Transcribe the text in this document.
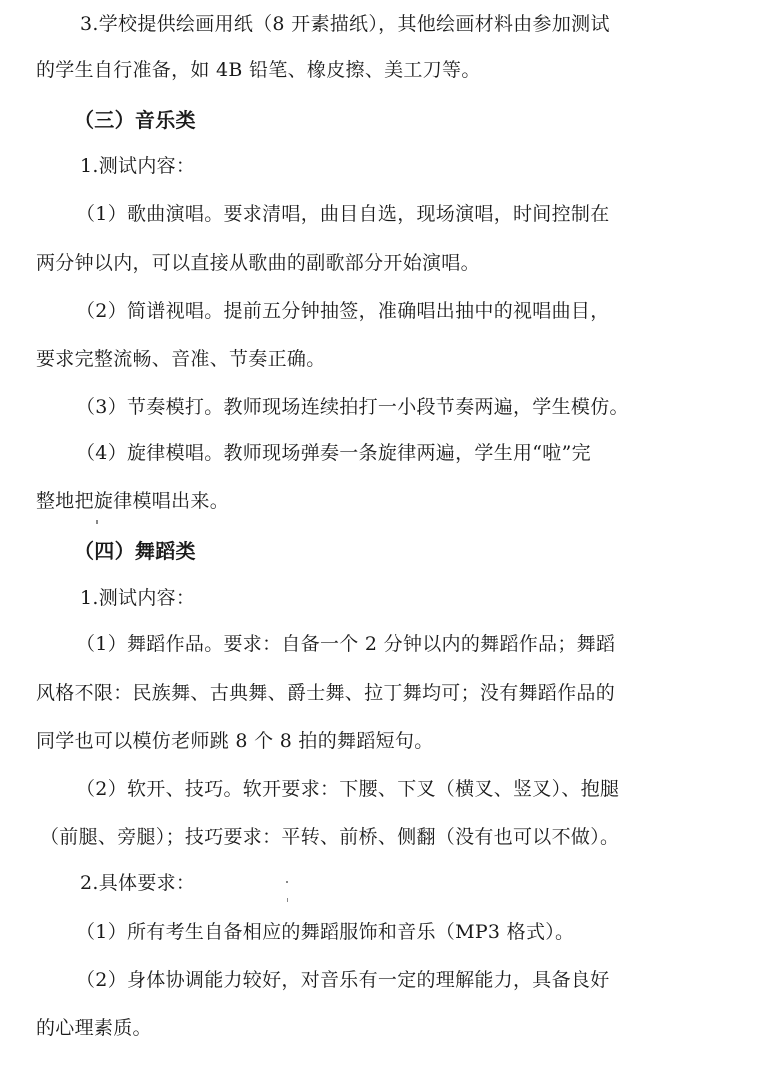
3.学校提供绘画用纸（8 开素描纸），其他绘画材料由参加测试

的学生自行准备，如 4B 铅笔、橡皮擦、美工刀等。

（三）音乐类

1.测试内容：

（1）歌曲演唱。要求清唱，曲目自选，现场演唱，时间控制在

两分钟以内，可以直接从歌曲的副歌部分开始演唱。

（2）简谱视唱。提前五分钟抽签，准确唱出抽中的视唱曲目，

要求完整流畅、音准、节奏正确。

（3）节奏模打。教师现场连续拍打一小段节奏两遍，学生模仿。

（4）旋律模唱。教师现场弹奏一条旋律两遍，学生用“啦”完

整地把旋律模唱出来。

（四）舞蹈类

1.测试内容：

（1）舞蹈作品。要求：自备一个 2 分钟以内的舞蹈作品；舞蹈

风格不限：民族舞、古典舞、爵士舞、拉丁舞均可；没有舞蹈作品的

同学也可以模仿老师跳 8 个 8 拍的舞蹈短句。

（2）软开、技巧。软开要求：下腰、下叉（横叉、竖叉）、抱腿

（前腿、旁腿）；技巧要求：平转、前桥、侧翻（没有也可以不做）。

2.具体要求：

（1）所有考生自备相应的舞蹈服饰和音乐（MP3 格式）。

（2）身体协调能力较好，对音乐有一定的理解能力，具备良好

的心理素质。
